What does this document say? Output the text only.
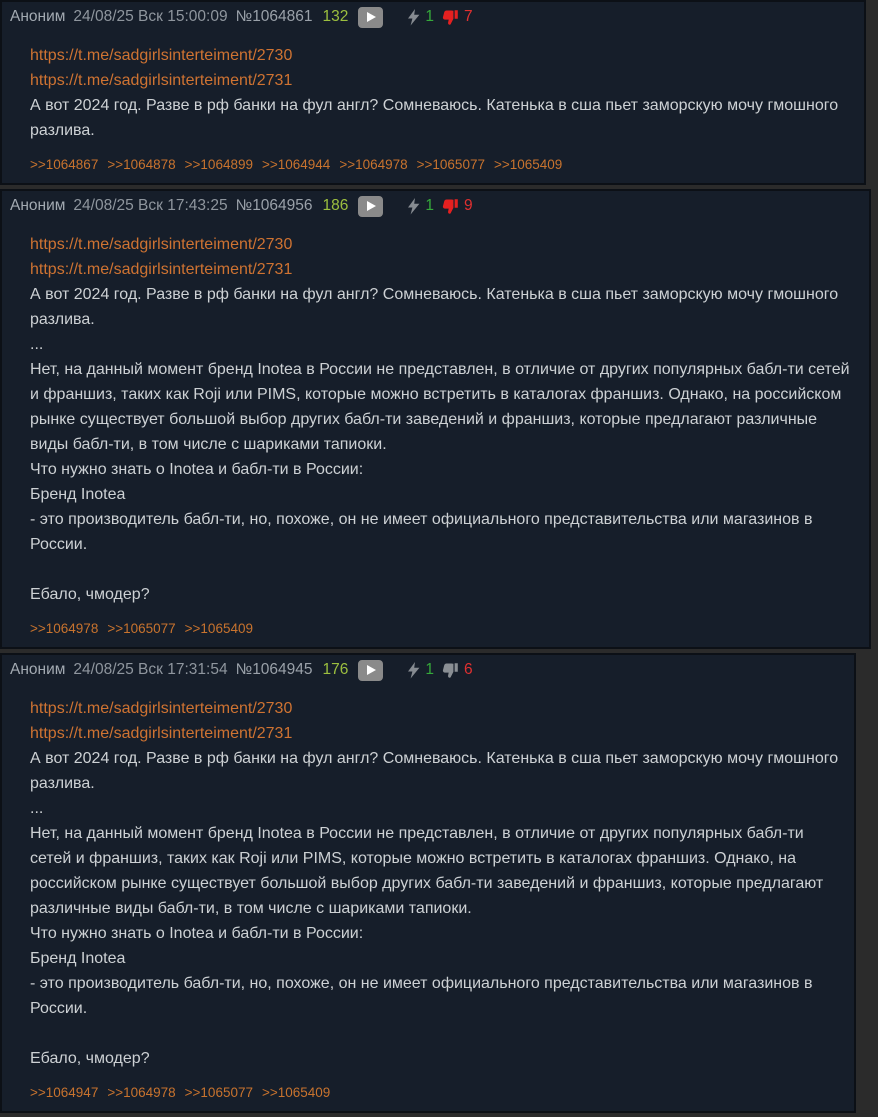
Аноним 24/08/25 Вск 15:00:09 №1064861 132	1 7
https://t.me/sadgirlsinterteiment/2730
https://t.me/sadgirlsinterteiment/2731
А вот 2024 год. Разве в рф банки на фул англ? Сомневаюсь. Катенька в сша пьет заморскую мочу гмошного разлива.
>>1064867 >>1064878 >>1064899 >>1064944 >>1064978 >>1065077 >>1065409
Аноним 24/08/25 Вск 17:43:25 №1064956 186	1 9
https://t.me/sadgirlsinterteiment/2730
https://t.me/sadgirlsinterteiment/2731
А вот 2024 год. Разве в рф банки на фул англ? Сомневаюсь. Катенька в сша пьет заморскую мочу гмошного разлива.
...
Нет, на данный момент бренд Inotea в России не представлен, в отличие от других популярных бабл-ти сетей и франшиз, таких как Roji или PIMS, которые можно встретить в каталогах франшиз. Однако, на российском рынке существует большой выбор других бабл-ти заведений и франшиз, которые предлагают различные виды бабл-ти, в том числе с шариками тапиоки.
Что нужно знать о Inotea и бабл-ти в России:
Бренд Inotea
- это производитель бабл-ти, но, похоже, он не имеет официального представительства или магазинов в России.
Ебало, чмодер?
>>1064978 >>1065077 >>1065409
Аноним 24/08/25 Вск 17:31:54 №1064945 176	1 6
https://t.me/sadgirlsinterteiment/2730
https://t.me/sadgirlsinterteiment/2731
А вот 2024 год. Разве в рф банки на фул англ? Сомневаюсь. Катенька в сша пьет заморскую мочу гмошного разлива.
...
Нет, на данный момент бренд Inotea в России не представлен, в отличие от других популярных бабл-ти сетей и франшиз, таких как Roji или PIMS, которые можно встретить в каталогах франшиз. Однако, на российском рынке существует большой выбор других бабл-ти заведений и франшиз, которые предлагают различные виды бабл-ти, в том числе с шариками тапиоки.
Что нужно знать о Inotea и бабл-ти в России:
Бренд Inotea
- это производитель бабл-ти, но, похоже, он не имеет официального представительства или магазинов в России.
Ебало, чмодер?
>>1064947 >>1064978 >>1065077 >>1065409
